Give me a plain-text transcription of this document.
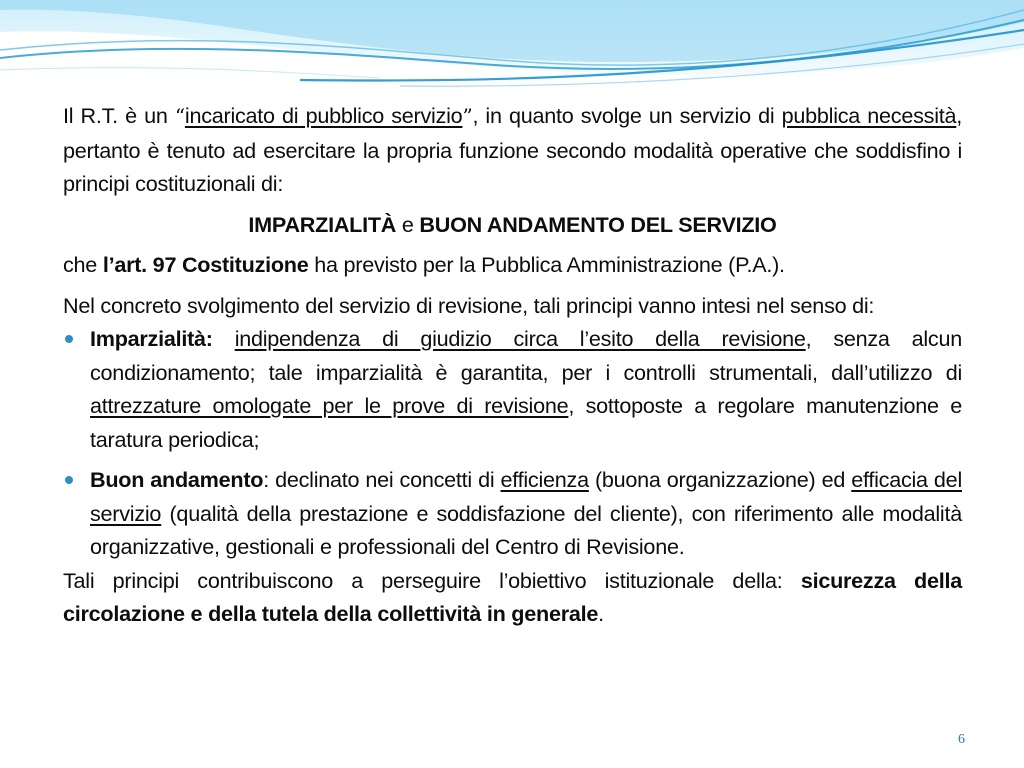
Il R.T. è un “incaricato di pubblico servizio”, in quanto svolge un servizio di pubblica necessità, pertanto è tenuto ad esercitare la propria funzione secondo modalità operative che soddisfino i principi costituzionali di:

IMPARZIALITÀ e BUON ANDAMENTO DEL SERVIZIO

che l’art. 97 Costituzione ha previsto per la Pubblica Amministrazione (P.A.).

Nel concreto svolgimento del servizio di revisione, tali principi vanno intesi nel senso di:

Imparzialità: indipendenza di giudizio circa l’esito della revisione, senza alcun condizionamento; tale imparzialità è garantita, per i controlli strumentali, dall’utilizzo di attrezzature omologate per le prove di revisione, sottoposte a regolare manutenzione e taratura periodica;
Buon andamento: declinato nei concetti di efficienza (buona organizzazione) ed efficacia del servizio (qualità della prestazione e soddisfazione del cliente), con riferimento alle modalità organizzative, gestionali e professionali del Centro di Revisione.

Tali principi contribuiscono a perseguire l’obiettivo istituzionale della: sicurezza della circolazione e della tutela della collettività in generale.

6
